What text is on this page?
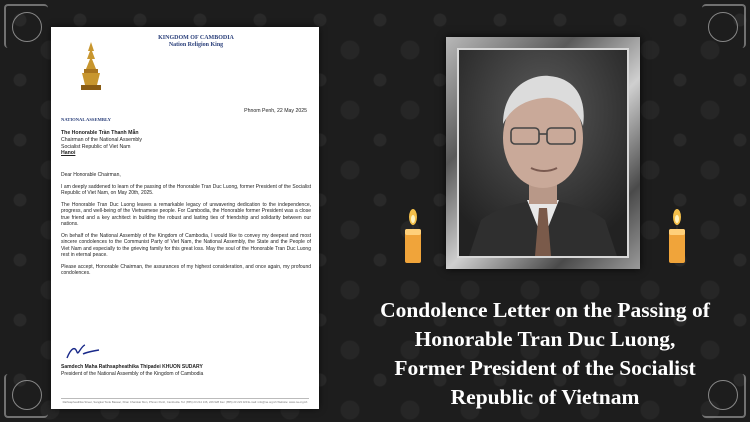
NATIONAL ASSEMBLY
KINGDOM OF CAMBODIA
Nation Religion King
Phnom Penh, 22 May 2025
The Honorable Trần Thanh Mẫn
Chairman of the National Assembly
Socialist Republic of Viet Nam
Hanoi

Dear Honorable Chairman,

I am deeply saddened to learn of the passing of the Honorable Tran Duc Luong, former President of the Socialist Republic of Viet Nam, on May 20th, 2025.

The Honorable Tran Duc Luong leaves a remarkable legacy of unwavering dedication to the independence, progress, and well-being of the Vietnamese people. For Cambodia, the Honorable former President was a close true friend and a key architect in building the robust and lasting ties of friendship and solidarity between our nations.

On behalf of the National Assembly of the Kingdom of Cambodia, I would like to convey my deepest and most sincere condolences to the Communist Party of Viet Nam, the National Assembly, the State and the People of Viet Nam and especially to the grieving family for this great loss. May the soul of the Honorable Tran Duc Luong rest in eternal peace.

Please accept, Honorable Chairman, the assurances of my highest consideration, and once again, my profound condolences.

Samdech Maha Rathsapheathika Thipadei KHUON SUDARY
President of the National Assembly of the Kingdom of Cambodia
Rathsapheathika Street, Sangkat Tonle Bassac, Khan Chamkar Mon, Phnom Penh, Cambodia. Tel: (855) 23 214 136, 226 928 Fax: (855) 23 223 029 E-mail: info@na.org.kh Website: www.na.org.kh
Condolence Letter on the Passing of
Honorable Tran Duc Luong,
Former President of the Socialist
Republic of Vietnam
